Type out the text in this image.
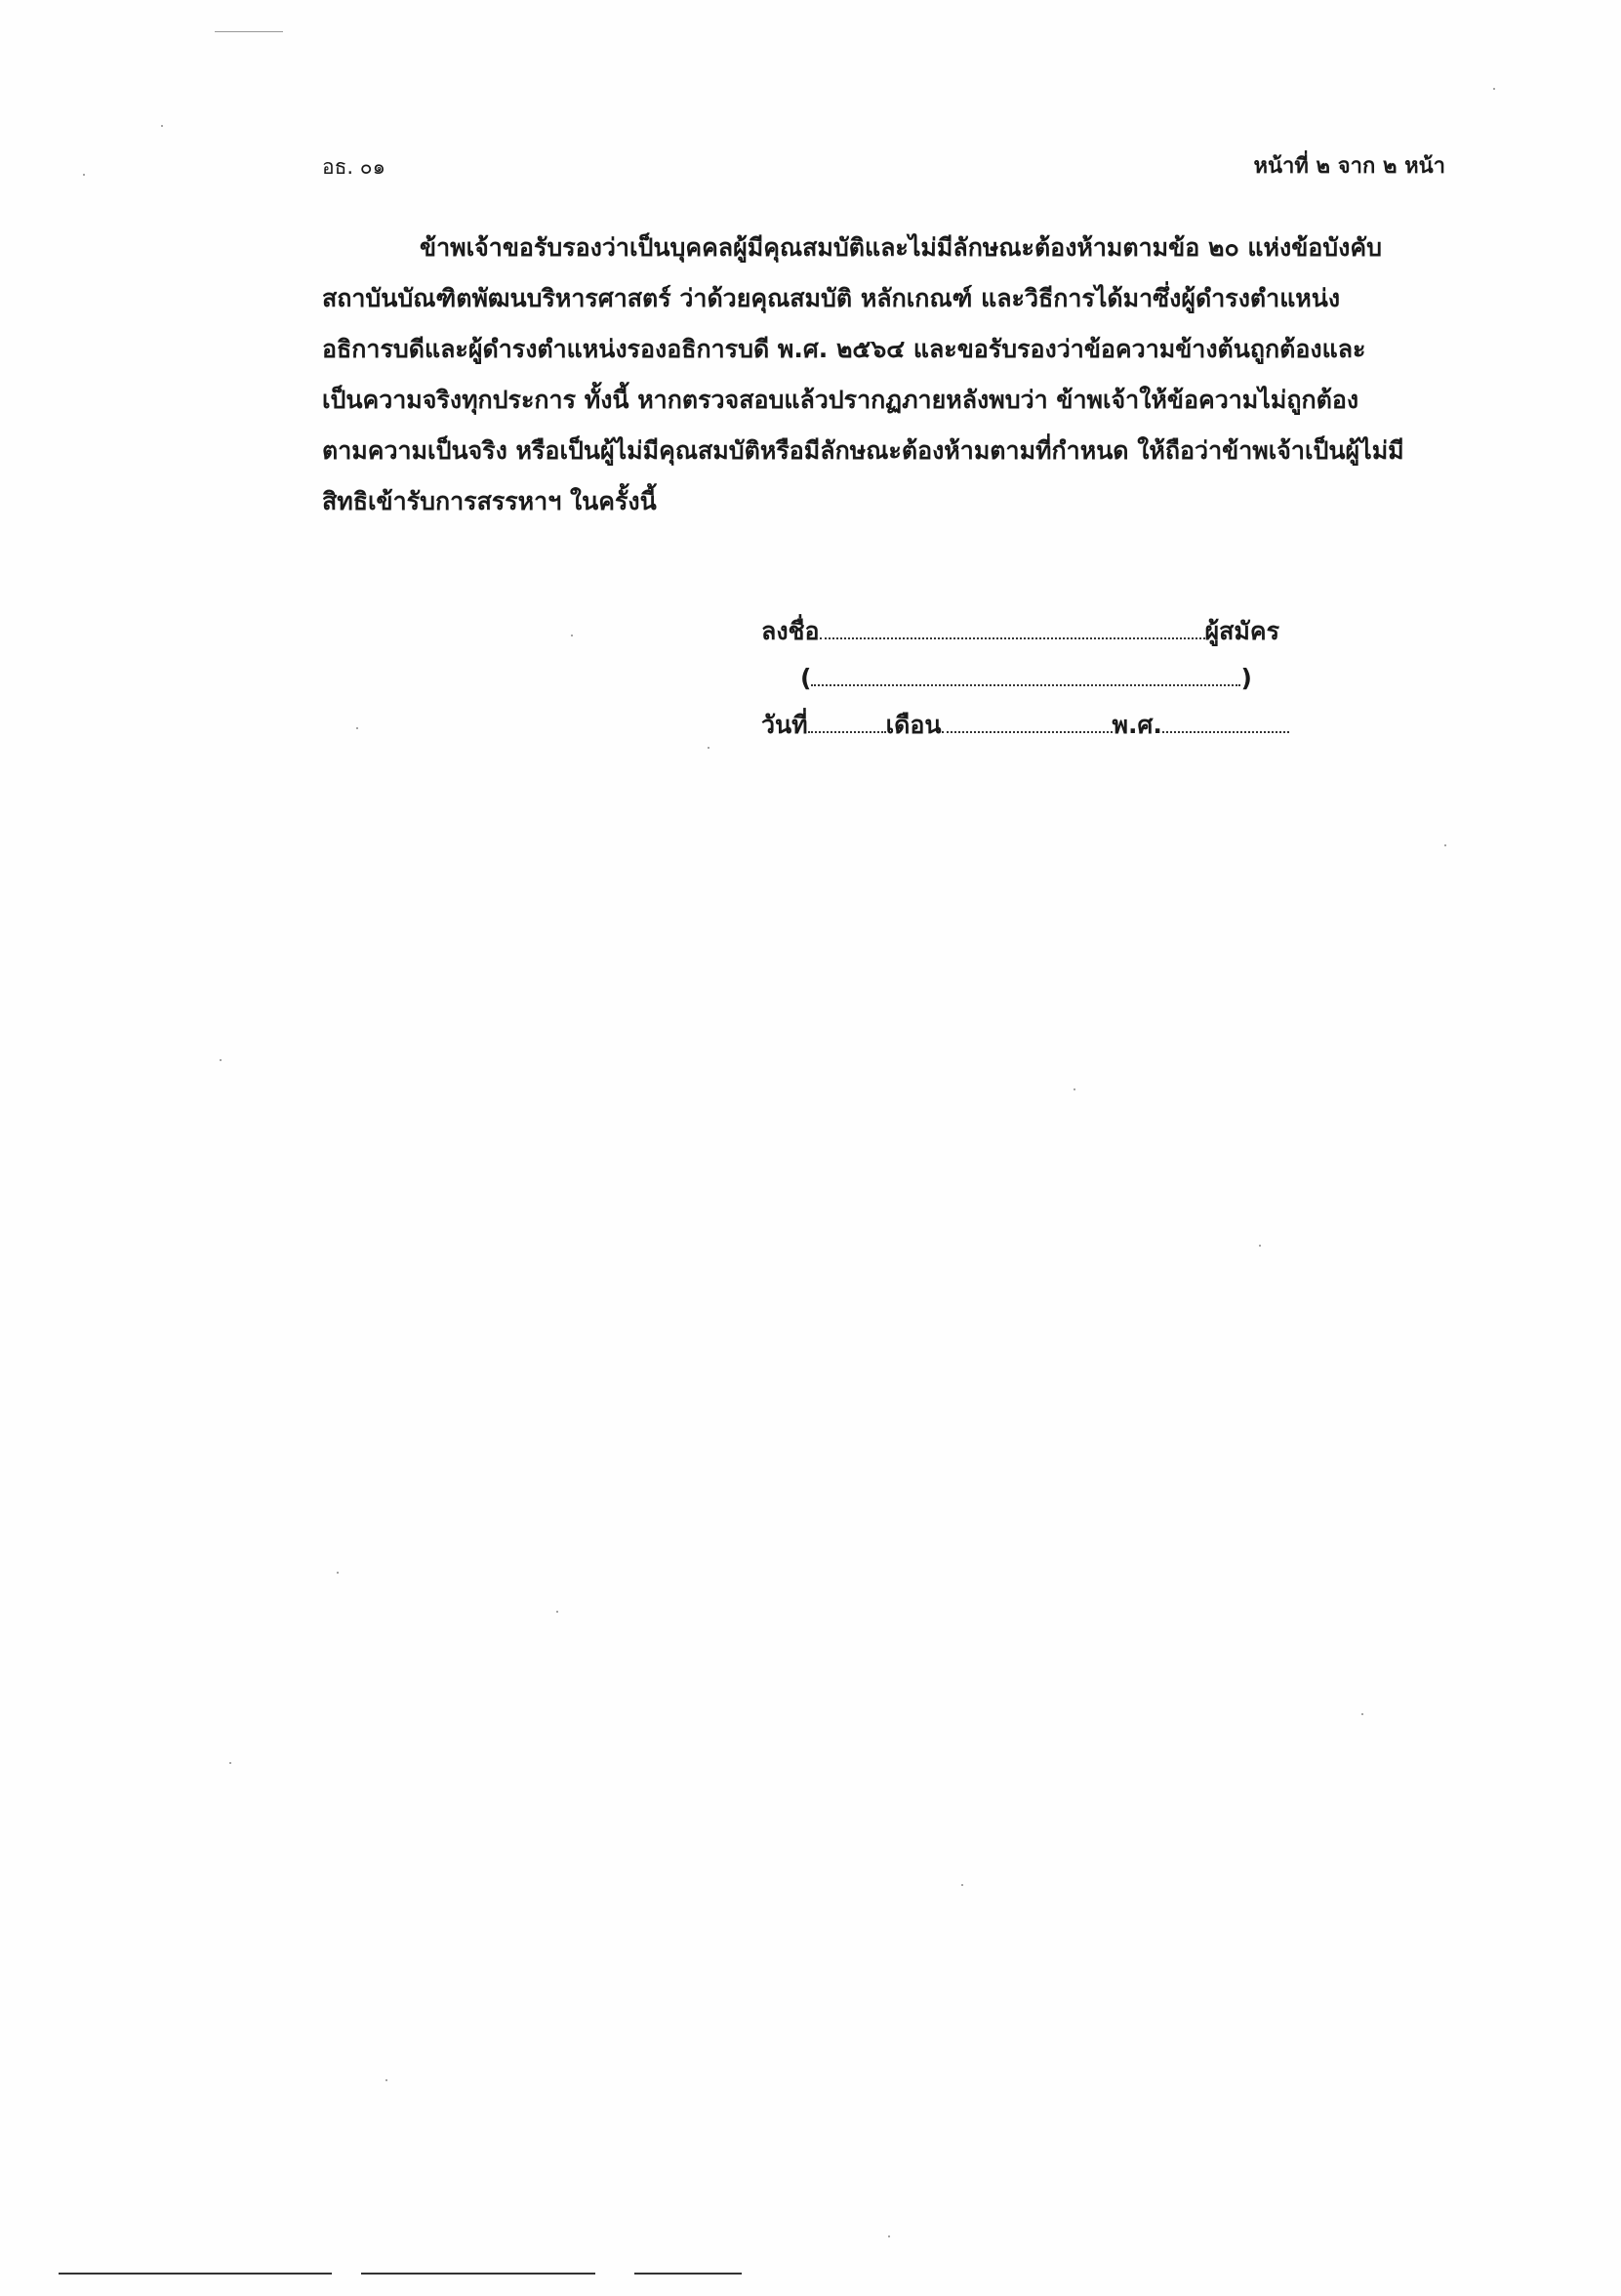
อธ. ๐๑	หน้าที่ ๒ จาก ๒ หน้า
ข้าพเจ้าขอรับรองว่าเป็นบุคคลผู้มีคุณสมบัติและไม่มีลักษณะต้องห้ามตามข้อ ๒๐ แห่งข้อบังคับ
สถาบันบัณฑิตพัฒนบริหารศาสตร์ ว่าด้วยคุณสมบัติ หลักเกณฑ์ และวิธีการได้มาซึ่งผู้ดำรงตำแหน่ง
อธิการบดีและผู้ดำรงตำแหน่งรองอธิการบดี พ.ศ. ๒๕๖๔ และขอรับรองว่าข้อความข้างต้นถูกต้องและ
เป็นความจริงทุกประการ ทั้งนี้ หากตรวจสอบแล้วปรากฏภายหลังพบว่า ข้าพเจ้าให้ข้อความไม่ถูกต้อง
ตามความเป็นจริง หรือเป็นผู้ไม่มีคุณสมบัติหรือมีลักษณะต้องห้ามตามที่กำหนด ให้ถือว่าข้าพเจ้าเป็นผู้ไม่มี
สิทธิเข้ารับการสรรหาฯ ในครั้งนี้
ลงชื่อ	ผู้สมัคร
(	)
วันที่	เดือน	พ.ศ.
